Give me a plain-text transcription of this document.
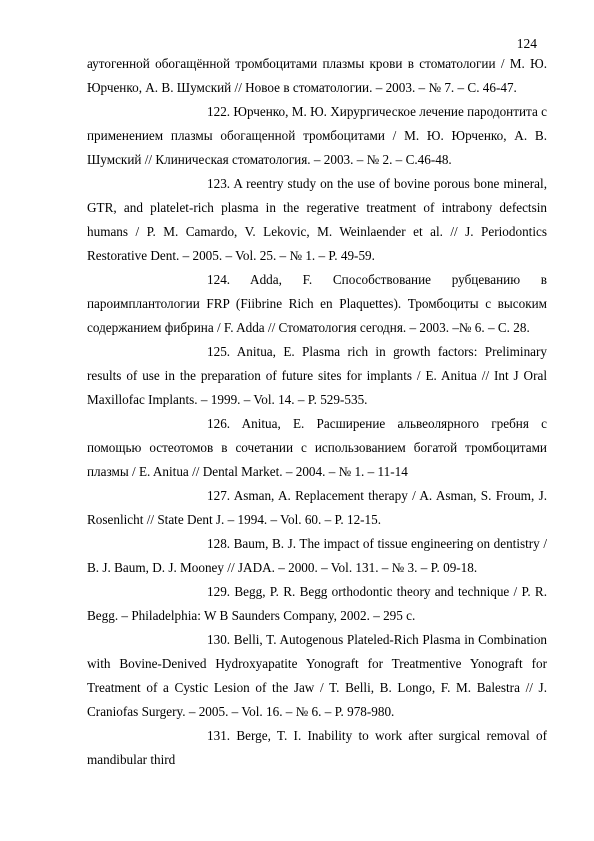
124

аутогенной обогащённой тромбоцитами плазмы крови в стоматологии / М. Ю. Юрченко, А. В. Шумский // Новое в стоматологии. – 2003. – № 7. – С. 46-47.

122. Юрченко, М. Ю. Хирургическое лечение пародонтита с применением плазмы обогащенной тромбоцитами / М. Ю. Юрченко, А. В. Шумский // Клиническая стоматология. – 2003. – № 2. – С.46-48.

123. A reentry study on the use of bovine porous bone mineral, GTR, and platelet-rich plasma in the regerative treatment of intrabony defectsin humans / P. M. Camardo, V. Lekovic, M. Weinlaender et al. // J. Periodontics Restorative Dent. – 2005. – Vol. 25. – № 1. – P. 49-59.

124. Adda, F. Способствование рубцеванию в пароимплантологии FRP (Fiibrine Rich en Plaquettes). Тромбоциты с высоким содержанием фибрина / F. Adda // Стоматология сегодня. – 2003. –№ 6. – С. 28.

125. Anitua, E. Plasma rich in growth factors: Preliminary results of use in the preparation of future sites for implants / E. Anitua // Int J Oral Maxillofac Implants. – 1999. – Vol. 14. – P. 529-535.

126. Anitua, E. Расширение альвеолярного гребня с помощью остеотомов в сочетании с использованием богатой тромбоцитами плазмы / E. Anitua // Dental Market. – 2004. – № 1. – 11-14

127. Asman, A. Replacement therapy / A. Asman, S. Froum, J. Rosenlicht // State Dent J. – 1994. – Vol. 60. – P. 12-15.

128. Baum, B. J. The impact of tissue engineering on dentistry / B. J. Baum, D. J. Mooney // JADA. – 2000. – Vol. 131. – № 3. – P. 09-18.

129. Begg, P. R. Begg orthodontic theory and technique / P. R. Begg. – Philadelphia: W B Saunders Company, 2002. – 295 с.

130. Belli, T. Autogenous Plateled-Rich Plasma in Combination with Bovine-Denived Hydroxyapatite Yonograft for Treatmentive Yonograft for Treatment of a Cystic Lesion of the Jaw / T. Belli, B. Longo, F. M. Balestra // J. Craniofas Surgery. – 2005. – Vol. 16. – № 6. – P. 978-980.

131. Berge, T. I. Inability to work after surgical removal of mandibular third
